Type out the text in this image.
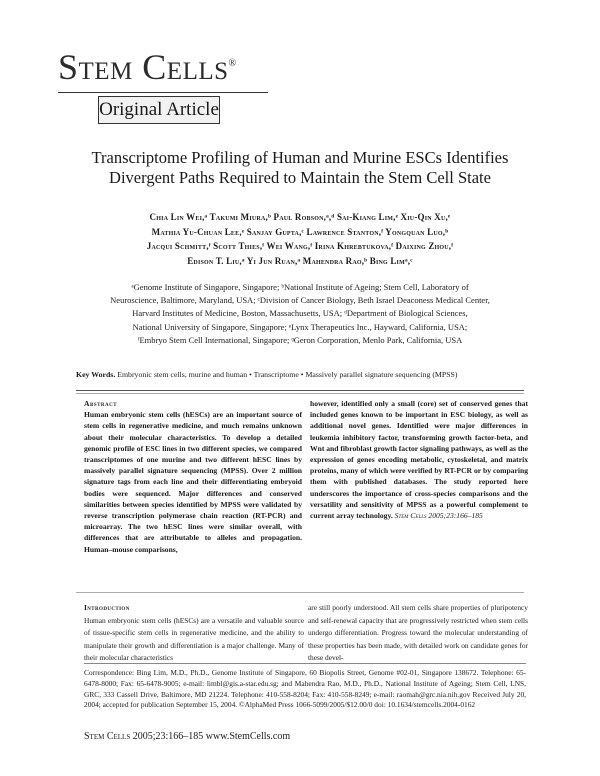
Stem Cells®
Original Article
Transcriptome Profiling of Human and Murine ESCs Identifies
Divergent Paths Required to Maintain the Stem Cell State
Chia Lin Wei,ᵃ Takumi Miura,ᵇ Paul Robson,ᵃ,ᵈ Sai-Kiang Lim,ᵉ Xiu-Qin Xu,ᵉ
Mathia Yu-Chuan Lee,ᵉ Sanjay Gupta,ᶜ Lawrence Stanton,ᶠ Yongquan Luo,ᵇ
Jacqui Schmitt,ᶠ Scott Thies,ᶠ Wei Wang,ᶠ Irina Khrebtukova,ᶠ Daixing Zhou,ᶠ
Edison T. Liu,ᵃ Yi Jun Ruan,ᵃ Mahendra Rao,ᵇ Bing Limᵃ,ᶜ
ᵃGenome Institute of Singapore, Singapore; ᵇNational Institute of Ageing; Stem Cell, Laboratory of
Neuroscience, Baltimore, Maryland, USA; ᶜDivision of Cancer Biology, Beth Israel Deaconess Medical Center,
Harvard Institutes of Medicine, Boston, Massachusetts, USA; ᵈDepartment of Biological Sciences,
National University of Singapore, Singapore; ᵉLynx Therapeutics Inc., Hayward, California, USA;
ᶠEmbryo Stem Cell International, Singapore; ᶢGeron Corporation, Menlo Park, California, USA
Key Words. Embryonic stem cells, murine and human • Transcriptome • Massively parallel signature sequencing (MPSS)
Abstract
Human embryonic stem cells (hESCs) are an important source of stem cells in regenerative medicine, and much remains unknown about their molecular characteristics. To develop a detailed genomic profile of ESC lines in two different species, we compared transcriptomes of one murine and two different hESC lines by massively parallel signature sequencing (MPSS). Over 2 million signature tags from each line and their differentiating embryoid bodies were sequenced. Major differences and conserved similarities between species identified by MPSS were validated by reverse transcription polymerase chain reaction (RT-PCR) and microarray. The two hESC lines were similar overall, with differences that are attributable to alleles and propagation. Human–mouse comparisons,
however, identified only a small (core) set of conserved genes that included genes known to be important in ESC biology, as well as additional novel genes. Identified were major differences in leukemia inhibitory factor, transforming growth factor-beta, and Wnt and fibroblast growth factor signaling pathways, as well as the expression of genes encoding metabolic, cytoskeletal, and matrix proteins, many of which were verified by RT-PCR or by comparing them with published databases. The study reported here underscores the importance of cross-species comparisons and the versatility and sensitivity of MPSS as a powerful complement to current array technology. Stem Cells 2005;23:166–185
Introduction
Human embryonic stem cells (hESCs) are a versatile and valuable source of tissue-specific stem cells in regenerative medicine, and the ability to manipulate their growth and differentiation is a major challenge. Many of their molecular characteristics
are still poorly understood. All stem cells share properties of pluripotency and self-renewal capacity that are progressively restricted when stem cells undergo differentiation. Progress toward the molecular understanding of these properties has been made, with detailed work on candidate genes for these devel-
Correspondence: Bing Lim, M.D., Ph.D., Genome Institute of Singapore, 60 Biopolis Street, Genome #02-01, Singapore 138672. Telephone: 65-6478-8000; Fax: 65-6478-9005; e-mail: limbl@gis.a-star.edu.sg; and Mahendra Rao, M.D., Ph.D., National Institute of Ageing; Stem Cell, LNS, GRC, 333 Cassell Drive, Baltimore, MD 21224. Telephone: 410-558-8204; Fax: 410-558-8249; e-mail: raomah@grc.nia.nih.gov Received July 20, 2004; accepted for publication September 15, 2004. ©AlphaMed Press 1066-5099/2005/$12.00/0 doi: 10.1634/stemcells.2004-0162
Stem Cells 2005;23:166–185 www.StemCells.com
